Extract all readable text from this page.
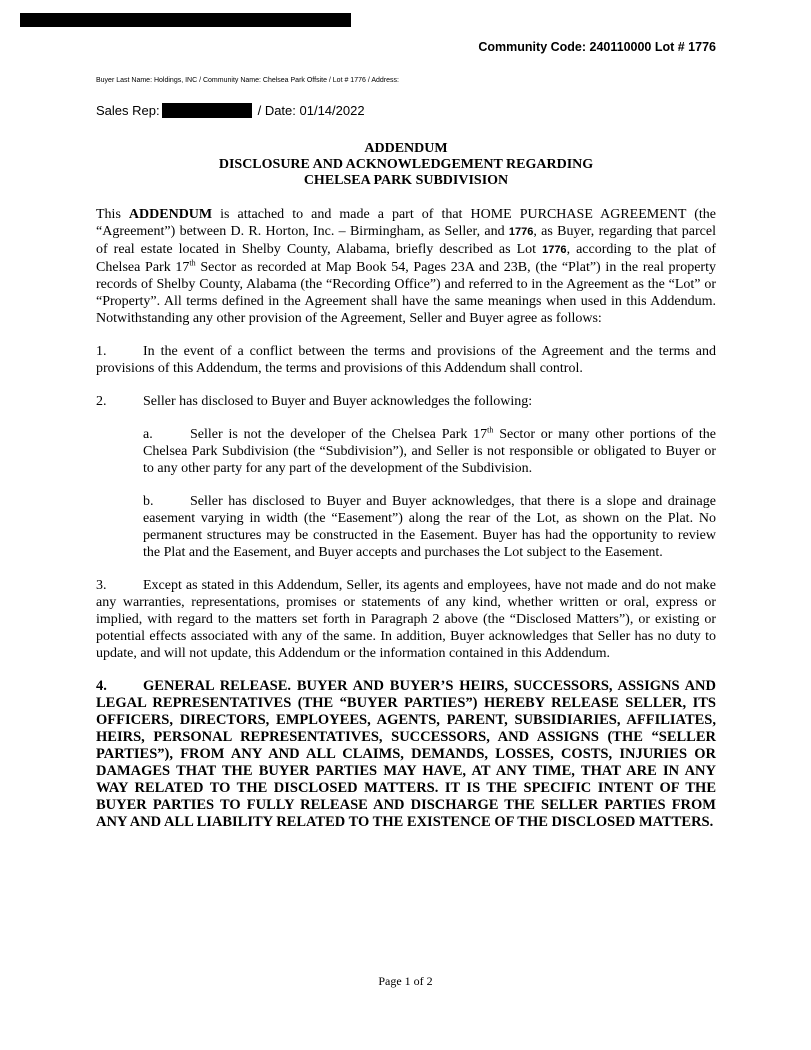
Community Code: 240110000 Lot # 1776
Buyer Last Name: Holdings, INC / Community Name: Chelsea Park Offsite / Lot # 1776 / Address:
Sales Rep:	/ Date: 01/14/2022
ADDENDUM
DISCLOSURE AND ACKNOWLEDGEMENT REGARDING
CHELSEA PARK SUBDIVISION

This ADDENDUM is attached to and made a part of that HOME PURCHASE AGREEMENT (the “Agreement”) between D. R. Horton, Inc. – Birmingham, as Seller, and 1776, as Buyer, regarding that parcel of real estate located in Shelby County, Alabama, briefly described as Lot 1776, according to the plat of Chelsea Park 17th Sector as recorded at Map Book 54, Pages 23A and 23B, (the “Plat”) in the real property records of Shelby County, Alabama (the “Recording Office”) and referred to in the Agreement as the “Lot” or “Property”. All terms defined in the Agreement shall have the same meanings when used in this Addendum. Notwithstanding any other provision of the Agreement, Seller and Buyer agree as follows:

1.	In the event of a conflict between the terms and provisions of the Agreement and the terms and provisions of this Addendum, the terms and provisions of this Addendum shall control.

2.	Seller has disclosed to Buyer and Buyer acknowledges the following:

a.	Seller is not the developer of the Chelsea Park 17th Sector or many other portions of the Chelsea Park Subdivision (the “Subdivision”), and Seller is not responsible or obligated to Buyer or to any other party for any part of the development of the Subdivision.

b.	Seller has disclosed to Buyer and Buyer acknowledges, that there is a slope and drainage easement varying in width (the “Easement”) along the rear of the Lot, as shown on the Plat. No permanent structures may be constructed in the Easement. Buyer has had the opportunity to review the Plat and the Easement, and Buyer accepts and purchases the Lot subject to the Easement.

3.	Except as stated in this Addendum, Seller, its agents and employees, have not made and do not make any warranties, representations, promises or statements of any kind, whether written or oral, express or implied, with regard to the matters set forth in Paragraph 2 above (the “Disclosed Matters”), or existing or potential effects associated with any of the same. In addition, Buyer acknowledges that Seller has no duty to update, and will not update, this Addendum or the information contained in this Addendum.

4. GENERAL RELEASE. BUYER AND BUYER’S HEIRS, SUCCESSORS, ASSIGNS AND LEGAL REPRESENTATIVES (THE “BUYER PARTIES”) HEREBY RELEASE SELLER, ITS OFFICERS, DIRECTORS, EMPLOYEES, AGENTS, PARENT, SUBSIDIARIES, AFFILIATES, HEIRS, PERSONAL REPRESENTATIVES, SUCCESSORS, AND ASSIGNS (THE “SELLER PARTIES”), FROM ANY AND ALL CLAIMS, DEMANDS, LOSSES, COSTS, INJURIES OR DAMAGES THAT THE BUYER PARTIES MAY HAVE, AT ANY TIME, THAT ARE IN ANY WAY RELATED TO THE DISCLOSED MATTERS. IT IS THE SPECIFIC INTENT OF THE BUYER PARTIES TO FULLY RELEASE AND DISCHARGE THE SELLER PARTIES FROM ANY AND ALL LIABILITY RELATED TO THE EXISTENCE OF THE DISCLOSED MATTERS.

Page 1 of 2
